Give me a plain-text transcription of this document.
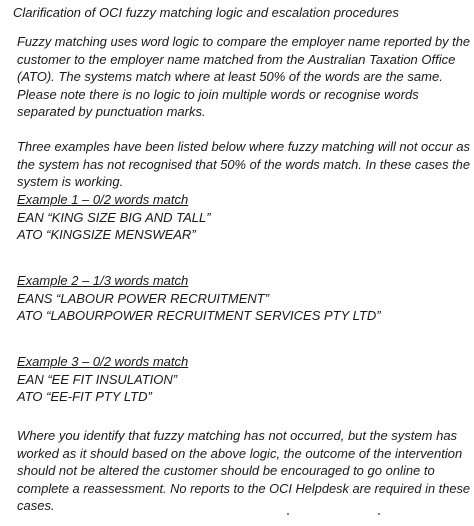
Clarification of OCI fuzzy matching logic and escalation procedures
Fuzzy matching uses word logic to compare the employer name reported by the
customer to the employer name matched from the Australian Taxation Office
(ATO). The systems match where at least 50% of the words are the same.
Please note there is no logic to join multiple words or recognise words
separated by punctuation marks.
Three examples have been listed below where fuzzy matching will not occur as
the system has not recognised that 50% of the words match. In these cases the
system is working.
Example 1 – 0/2 words match
EAN “KING SIZE BIG AND TALL”
ATO “KINGSIZE MENSWEAR”
Example 2 – 1/3 words match
EANS “LABOUR POWER RECRUITMENT”
ATO “LABOURPOWER RECRUITMENT SERVICES PTY LTD”
Example 3 – 0/2 words match
EAN “EE FIT INSULATION”
ATO “EE-FIT PTY LTD”
Where you identify that fuzzy matching has not occurred, but the system has
worked as it should based on the above logic, the outcome of the intervention
should not be altered the customer should be encouraged to go online to
complete a reassessment. No reports to the OCI Helpdesk are required in these
cases.
